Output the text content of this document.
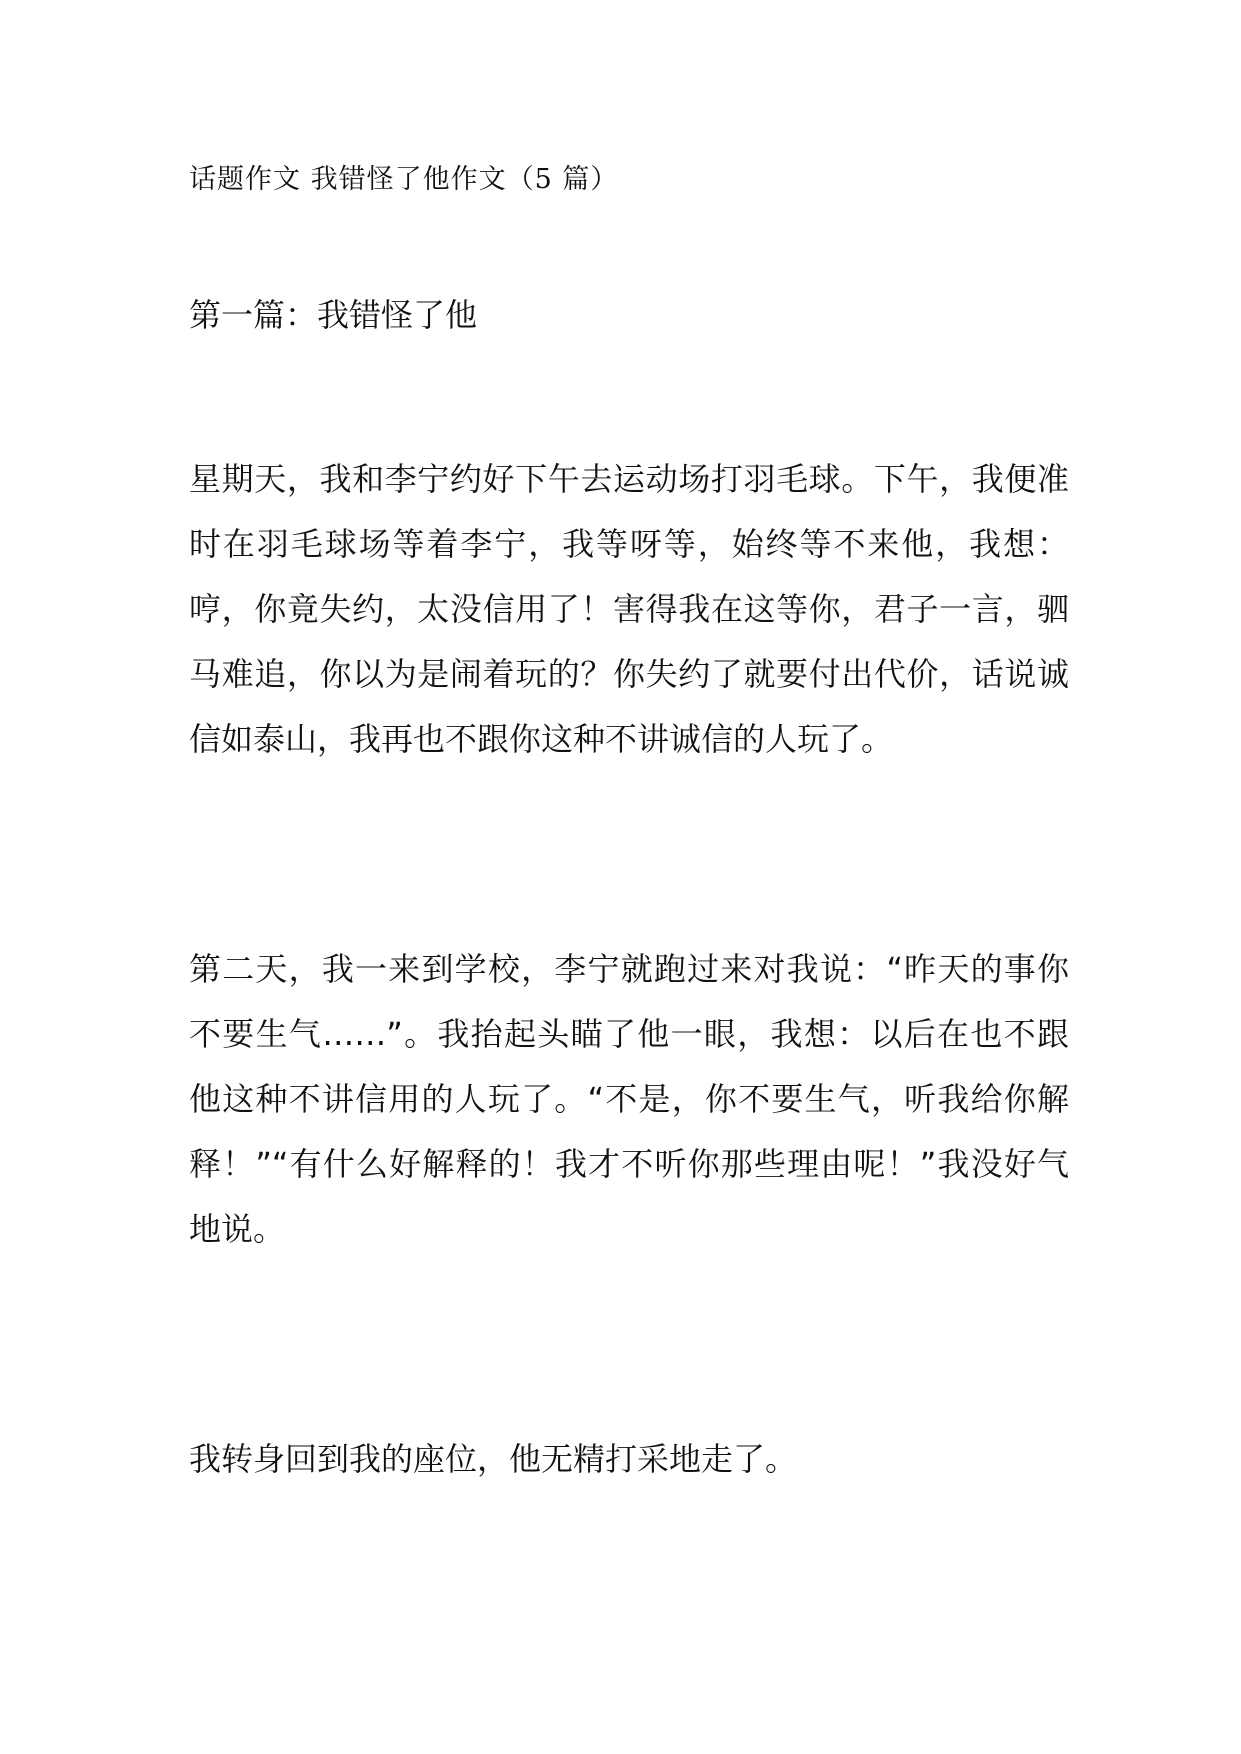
话题作文 我错怪了他作文（5 篇）
第一篇：我错怪了他

星期天，我和李宁约好下午去运动场打羽毛球。下午，我便准时在羽毛球场等着李宁，我等呀等，始终等不来他，我想：哼，你竟失约，太没信用了！害得我在这等你，君子一言，驷马难追，你以为是闹着玩的？你失约了就要付出代价，话说诚信如泰山，我再也不跟你这种不讲诚信的人玩了。

第二天，我一来到学校，李宁就跑过来对我说：“昨天的事你不要生气……”。我抬起头瞄了他一眼，我想：以后在也不跟他这种不讲信用的人玩了。“不是，你不要生气，听我给你解释！”“有什么好解释的！我才不听你那些理由呢！”我没好气地说。

我转身回到我的座位，他无精打采地走了。
